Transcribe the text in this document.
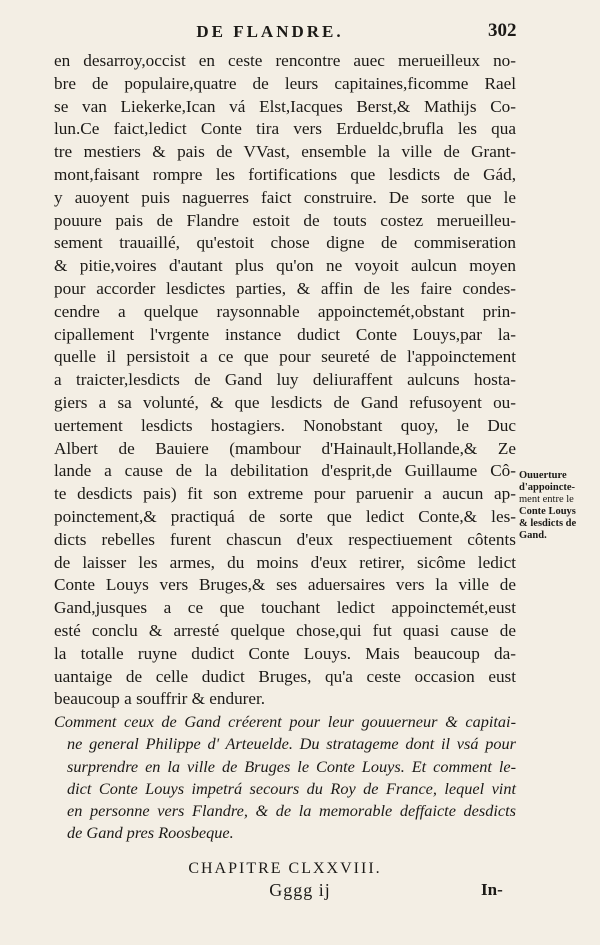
DE FLANDRE.	302
en desarroy,occist en ceste rencontre auec merueilleux no-
bre de populaire,quatre de leurs capitaines,ficomme Rael
se van Liekerke,Ican vá Elst,Iacques Berst,& Mathijs Co-
lun.Ce faict,ledict Conte tira vers Erdueldc,brufla les qua
tre mestiers & pais de VVast, ensemble la ville de Grant-
mont,faisant rompre les fortifications que lesdicts de Gád,
y auoyent puis naguerres faict construire. De sorte que le
pouure pais de Flandre estoit de touts costez merueilleu-
sement trauaillé, qu'estoit chose digne de commiseration
& pitie,voires d'autant plus qu'on ne voyoit aulcun moyen
pour accorder lesdictes parties, & affin de les faire condes-
cendre a quelque raysonnable appoinctemét,obstant prin-
cipallement l'vrgente instance dudict Conte Louys,par la-
quelle il persistoit a ce que pour seureté de l'appoinctement
a traicter,lesdicts de Gand luy deliuraffent aulcuns hosta-
giers a sa volunté, & que lesdicts de Gand refusoyent ou-
uertement lesdicts hostagiers. Nonobstant quoy, le Duc
Albert de Bauiere (mambour d'Hainault,Hollande,& Ze
lande a cause de la debilitation d'esprit,de Guillaume Cô-
te desdicts pais) fit son extreme pour paruenir a aucun ap-
poinctement,& practiquá de sorte que ledict Conte,& les-
dicts rebelles furent chascun d'eux respectiuement côtents
de laisser les armes, du moins d'eux retirer, sicôme ledict
Conte Louys vers Bruges,& ses aduersaires vers la ville de
Gand,jusques a ce que touchant ledict appoinctemét,eust
esté conclu & arresté quelque chose,qui fut quasi cause de
la totalle ruyne dudict Conte Louys. Mais beaucoup da-
uantaige de celle dudict Bruges, qu'a ceste occasion eust
beaucoup a souffrir & endurer.
Ouuerture
d'appoincte-
ment entre le
Conte Louys
& lesdicts de
Gand.
Comment ceux de Gand créerent pour leur gouuerneur & capitai-
ne general Philippe d' Arteuelde. Du stratageme dont il vsá pour
surprendre en la ville de Bruges le Conte Louys. Et comment le-
dict Conte Louys impetrá secours du Roy de France, lequel vint
en personne vers Flandre, & de la memorable deffaicte desdicts
de Gand pres Roosbeque.
CHAPITRE CLXXVIII.
Gggg ij	In-
